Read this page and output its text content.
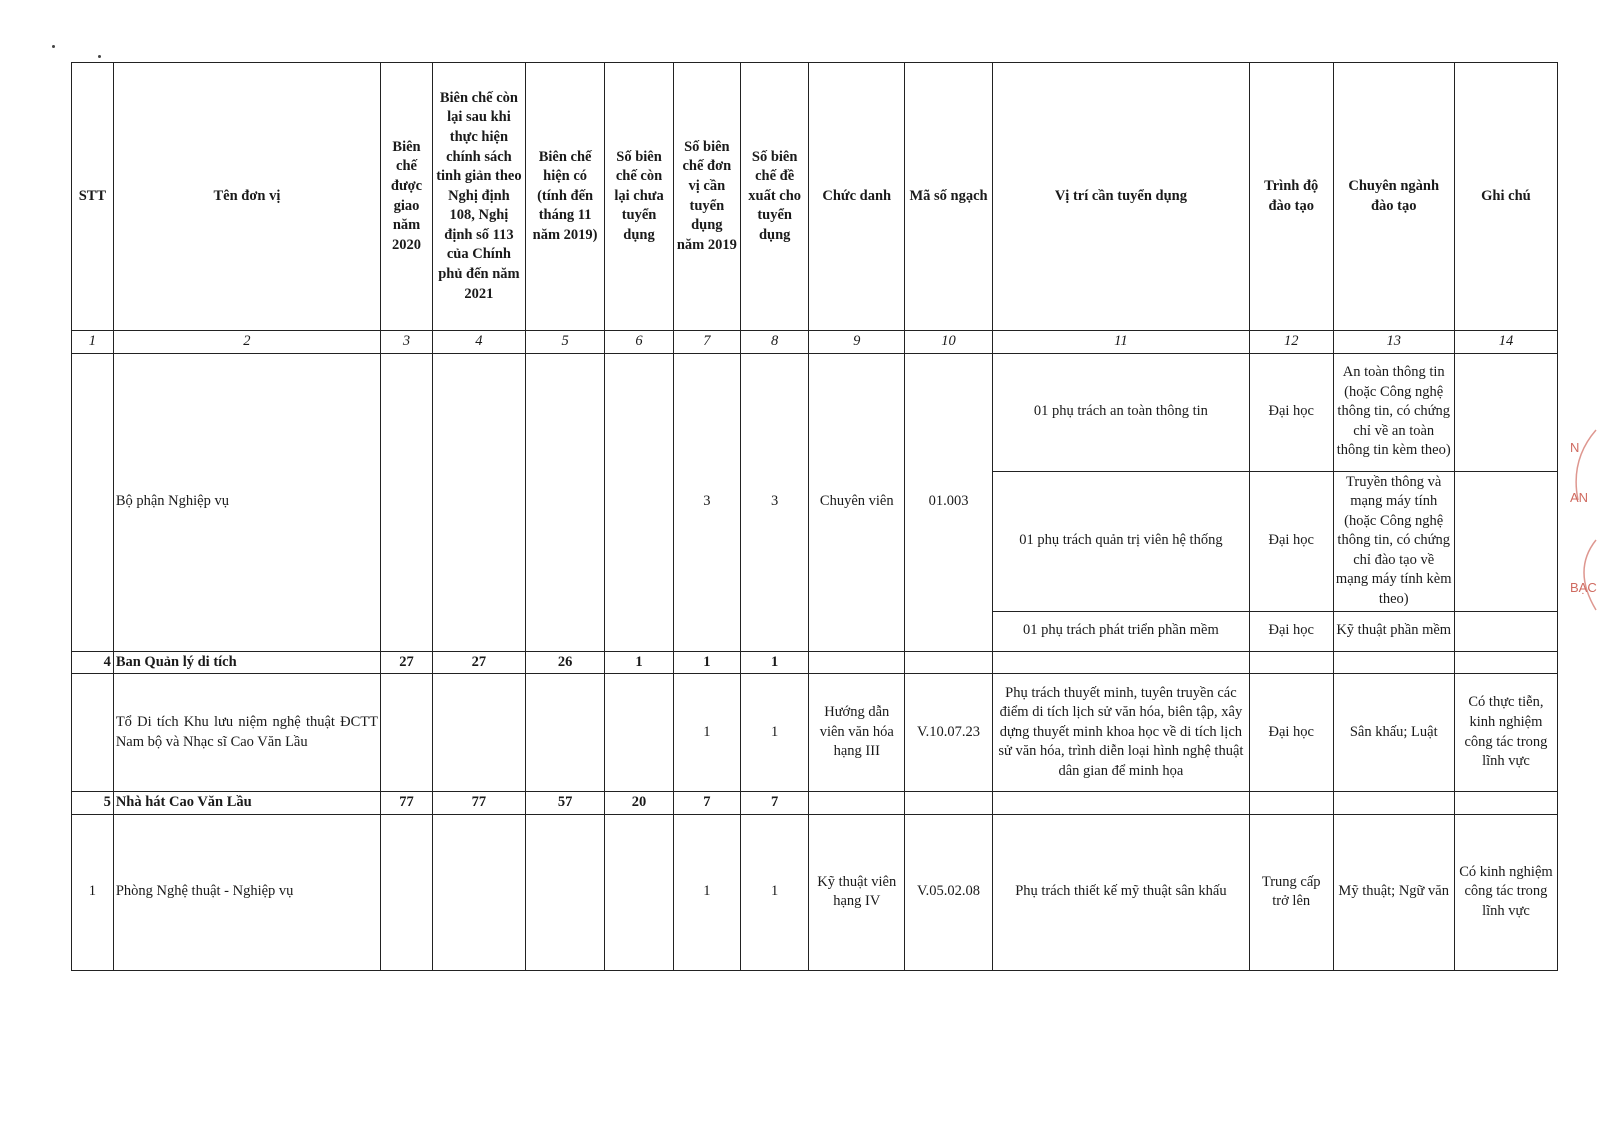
STT	Tên đơn vị	Biên chế được giao năm 2020	Biên chế còn lại sau khi thực hiện chính sách tinh giản theo Nghị định 108, Nghị định số 113 của Chính phủ đến năm 2021	Biên chế hiện có (tính đến tháng 11 năm 2019)	Số biên chế còn lại chưa tuyển dụng	Số biên chế đơn vị cần tuyển dụng năm 2019	Số biên chế đề xuất cho tuyển dụng	Chức danh	Mã số ngạch	Vị trí cần tuyển dụng	Trình độ đào tạo	Chuyên ngành đào tạo	Ghi chú
1	2	3	4	5	6	7	8	9	10	11	12	13	14
	Bộ phận Nghiệp vụ					3	3	Chuyên viên	01.003	01 phụ trách an toàn thông tin	Đại học	An toàn thông tin (hoặc Công nghệ thông tin, có chứng chỉ về an toàn thông tin kèm theo)	
										01 phụ trách quản trị viên hệ thống	Đại học	Truyền thông và mạng máy tính (hoặc Công nghệ thông tin, có chứng chỉ đào tạo về mạng máy tính kèm theo)	
										01 phụ trách phát triển phần mềm	Đại học	Kỹ thuật phần mềm	
4	Ban Quản lý di tích	27	27	26	1	1	1						
	Tổ Di tích Khu lưu niệm nghệ thuật ĐCTT Nam bộ và Nhạc sĩ Cao Văn Lầu					1	1	Hướng dẫn viên văn hóa hạng III	V.10.07.23	Phụ trách thuyết minh, tuyên truyền các điểm di tích lịch sử văn hóa, biên tập, xây dựng thuyết minh khoa học về di tích lịch sử văn hóa, trình diễn loại hình nghệ thuật dân gian để minh họa	Đại học	Sân khấu; Luật	Có thực tiễn, kinh nghiệm công tác trong lĩnh vực
5	Nhà hát Cao Văn Lầu	77	77	57	20	7	7						
1	Phòng Nghệ thuật - Nghiệp vụ					1	1	Kỹ thuật viên hạng IV	V.05.02.08	Phụ trách thiết kế mỹ thuật sân khấu	Trung cấp trở lên	Mỹ thuật; Ngữ văn	Có kinh nghiệm công tác trong lĩnh vực
N
AN
BẠC
